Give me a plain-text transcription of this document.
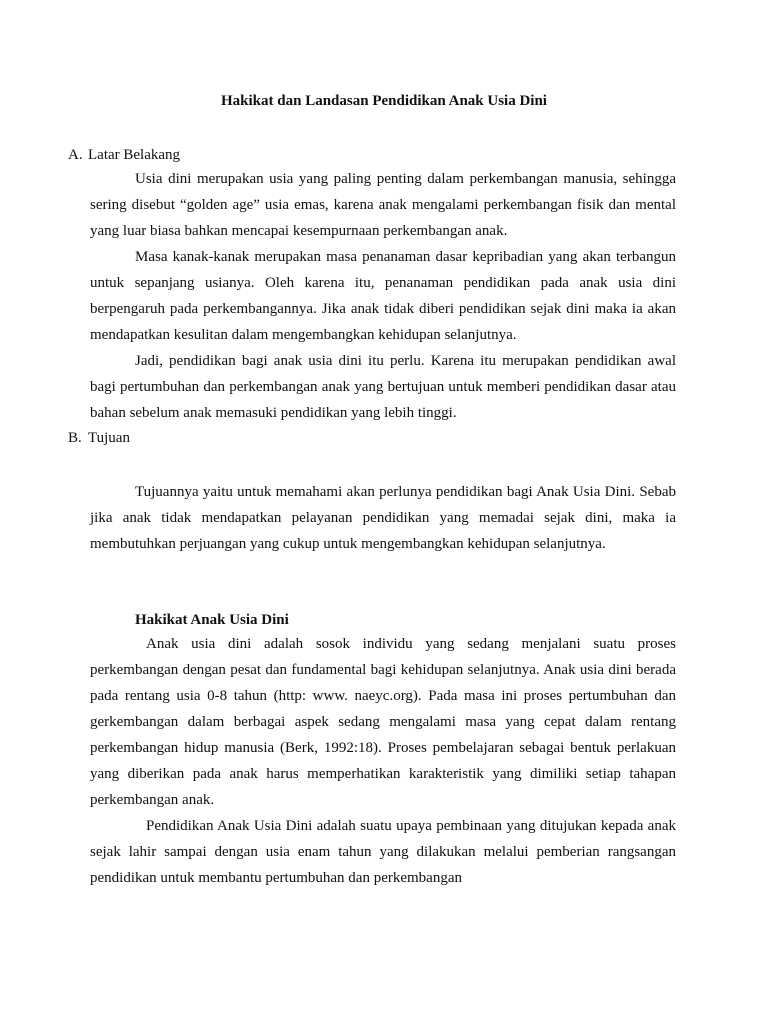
Hakikat dan Landasan Pendidikan Anak Usia Dini
A. Latar Belakang

Usia dini merupakan usia yang paling penting dalam perkembangan manusia, sehingga sering disebut “golden age” usia emas, karena anak mengalami perkembangan fisik dan mental yang luar biasa bahkan mencapai kesempurnaan perkembangan anak.

Masa kanak-kanak merupakan masa penanaman dasar kepribadian yang akan terbangun untuk sepanjang usianya. Oleh karena itu, penanaman pendidikan pada anak usia dini berpengaruh pada perkembangannya. Jika anak tidak diberi pendidikan sejak dini maka ia akan mendapatkan kesulitan dalam mengembangkan kehidupan selanjutnya.

Jadi, pendidikan bagi anak usia dini itu perlu. Karena itu merupakan pendidikan awal bagi pertumbuhan dan perkembangan anak yang bertujuan untuk memberi pendidikan dasar atau bahan sebelum anak memasuki pendidikan yang lebih tinggi.

B. Tujuan

Tujuannya yaitu untuk memahami akan perlunya pendidikan bagi Anak Usia Dini. Sebab jika anak tidak mendapatkan pelayanan pendidikan yang memadai sejak dini, maka ia membutuhkan perjuangan yang cukup untuk mengembangkan kehidupan selanjutnya.

Hakikat Anak Usia Dini

Anak usia dini adalah sosok individu yang sedang menjalani suatu proses perkembangan dengan pesat dan fundamental bagi kehidupan selanjutnya. Anak usia dini berada pada rentang usia 0-8 tahun (http: www. naeyc.org). Pada masa ini proses pertumbuhan dan gerkembangan dalam berbagai aspek sedang mengalami masa yang cepat dalam rentang perkembangan hidup manusia (Berk, 1992:18). Proses pembelajaran sebagai bentuk perlakuan yang diberikan pada anak harus memperhatikan karakteristik yang dimiliki setiap tahapan perkembangan anak.

Pendidikan Anak Usia Dini adalah suatu upaya pembinaan yang ditujukan kepada anak sejak lahir sampai dengan usia enam tahun yang dilakukan melalui pemberian rangsangan pendidikan untuk membantu pertumbuhan dan perkembangan
